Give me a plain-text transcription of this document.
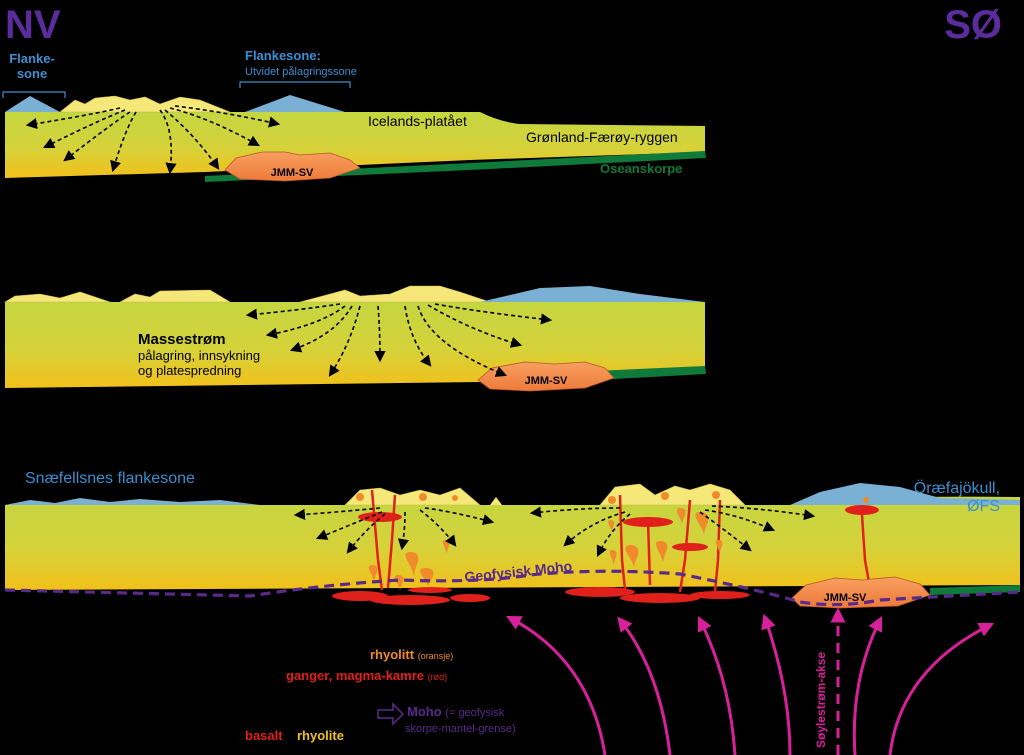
NV	SØ
Flanke-
sone
Flankesone:
Utvidet pålagringssone
Icelands-platået
Grønland-Færøy-ryggen
Oseanskorpe
JMM-SV
Massestrøm
pålagring, innsykning
og platespredning
JMM-SV
Snæfellsnes flankesone
Öræfajökull,
ØFS
Geofysisk Moho
JMM-SV
Søylestrøm-akse
rhyolitt (oransje)
ganger, magma-kamre (rød)
basalt rhyolite
Moho (= geofysisk
skorpe-mantel-grense)
